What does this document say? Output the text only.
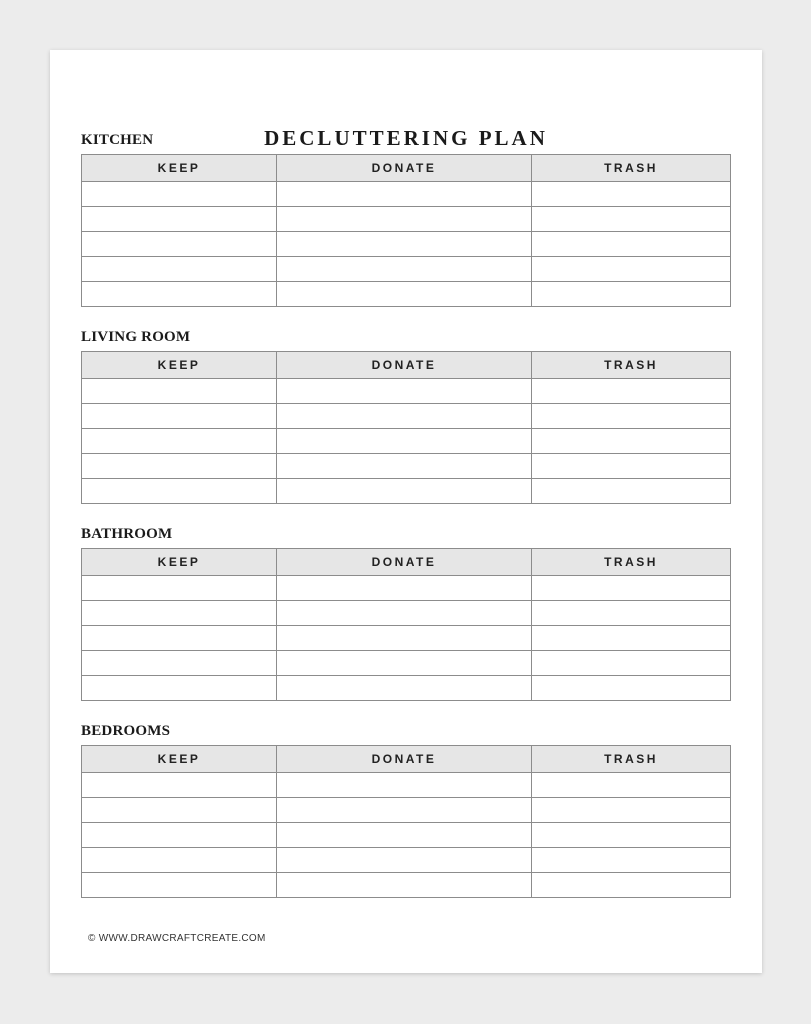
DECLUTTERING PLAN
KITCHEN
KEEP	DONATE	TRASH

LIVING ROOM
KEEP	DONATE	TRASH

BATHROOM
KEEP	DONATE	TRASH

BEDROOMS
KEEP	DONATE	TRASH

© WWW.DRAWCRAFTCREATE.COM
